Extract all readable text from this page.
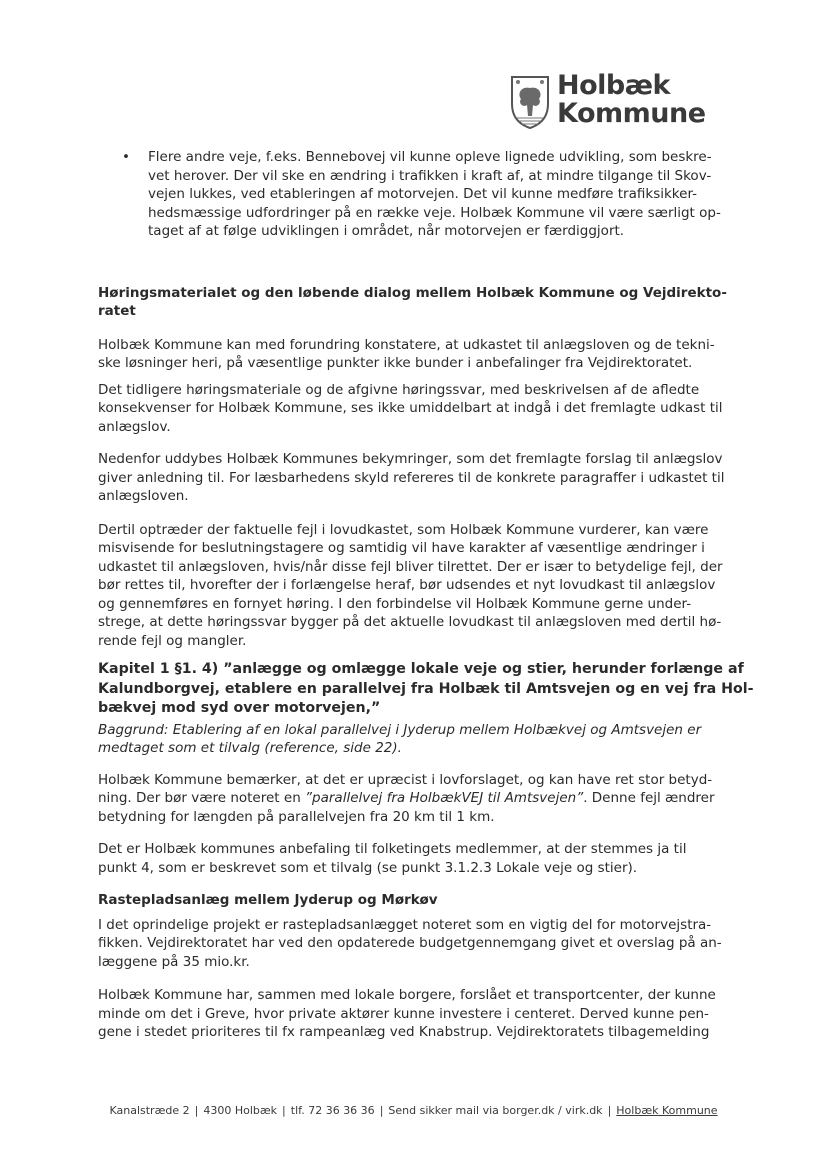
Holbæk
Kommune
• Flere andre veje, f.eks. Bennebovej vil kunne opleve lignede udvikling, som beskre-
vet herover. Der vil ske en ændring i trafikken i kraft af, at mindre tilgange til Skov-
vejen lukkes, ved etableringen af motorvejen. Det vil kunne medføre trafiksikker-
hedsmæssige udfordringer på en række veje. Holbæk Kommune vil være særligt op-
taget af at følge udviklingen i området, når motorvejen er færdiggjort.
Høringsmaterialet og den løbende dialog mellem Holbæk Kommune og Vejdirekto-
ratet
Holbæk Kommune kan med forundring konstatere, at udkastet til anlægsloven og de tekni-
ske løsninger heri, på væsentlige punkter ikke bunder i anbefalinger fra Vejdirektoratet.
Det tidligere høringsmateriale og de afgivne høringssvar, med beskrivelsen af de afledte
konsekvenser for Holbæk Kommune, ses ikke umiddelbart at indgå i det fremlagte udkast til
anlægslov.
Nedenfor uddybes Holbæk Kommunes bekymringer, som det fremlagte forslag til anlægslov
giver anledning til. For læsbarhedens skyld refereres til de konkrete paragraffer i udkastet til
anlægsloven.
Dertil optræder der faktuelle fejl i lovudkastet, som Holbæk Kommune vurderer, kan være
misvisende for beslutningstagere og samtidig vil have karakter af væsentlige ændringer i
udkastet til anlægsloven, hvis/når disse fejl bliver tilrettet. Der er især to betydelige fejl, der
bør rettes til, hvorefter der i forlængelse heraf, bør udsendes et nyt lovudkast til anlægslov
og gennemføres en fornyet høring. I den forbindelse vil Holbæk Kommune gerne under-
strege, at dette høringssvar bygger på det aktuelle lovudkast til anlægsloven med dertil hø-
rende fejl og mangler.
Kapitel 1 §1. 4) ”anlægge og omlægge lokale veje og stier, herunder forlænge af
Kalundborgvej, etablere en parallelvej fra Holbæk til Amtsvejen og en vej fra Hol-
bækvej mod syd over motorvejen,”
Baggrund: Etablering af en lokal parallelvej i Jyderup mellem Holbækvej og Amtsvejen er
medtaget som et tilvalg (reference, side 22).
Holbæk Kommune bemærker, at det er upræcist i lovforslaget, og kan have ret stor betyd-
ning. Der bør være noteret en ”parallelvej fra HolbækVEJ til Amtsvejen”. Denne fejl ændrer
betydning for længden på parallelvejen fra 20 km til 1 km.
Det er Holbæk kommunes anbefaling til folketingets medlemmer, at der stemmes ja til
punkt 4, som er beskrevet som et tilvalg (se punkt 3.1.2.3 Lokale veje og stier).
Rastepladsanlæg mellem Jyderup og Mørkøv
I det oprindelige projekt er rastepladsanlægget noteret som en vigtig del for motorvejstra-
fikken. Vejdirektoratet har ved den opdaterede budgetgennemgang givet et overslag på an-
læggene på 35 mio.kr.
Holbæk Kommune har, sammen med lokale borgere, forslået et transportcenter, der kunne
minde om det i Greve, hvor private aktører kunne investere i centeret. Derved kunne pen-
gene i stedet prioriteres til fx rampeanlæg ved Knabstrup. Vejdirektoratets tilbagemelding
Kanalstræde 2 | 4300 Holbæk | tlf. 72 36 36 36 | Send sikker mail via borger.dk / virk.dk | Holbæk Kommune
